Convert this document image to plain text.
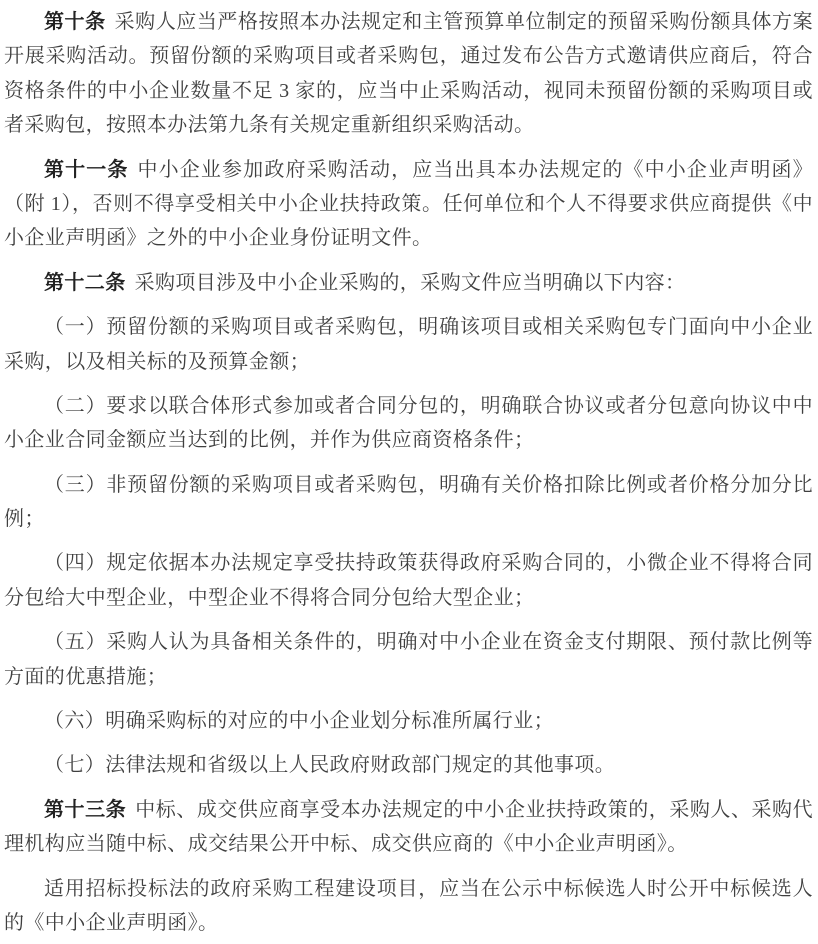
第十条 采购人应当严格按照本办法规定和主管预算单位制定的预留采购份额具体方案开展采购活动。预留份额的采购项目或者采购包，通过发布公告方式邀请供应商后，符合资格条件的中小企业数量不足 3 家的，应当中止采购活动，视同未预留份额的采购项目或者采购包，按照本办法第九条有关规定重新组织采购活动。

第十一条 中小企业参加政府采购活动，应当出具本办法规定的《中小企业声明函》（附 1），否则不得享受相关中小企业扶持政策。任何单位和个人不得要求供应商提供《中小企业声明函》之外的中小企业身份证明文件。

第十二条 采购项目涉及中小企业采购的，采购文件应当明确以下内容：

（一）预留份额的采购项目或者采购包，明确该项目或相关采购包专门面向中小企业采购，以及相关标的及预算金额；

（二）要求以联合体形式参加或者合同分包的，明确联合协议或者分包意向协议中中小企业合同金额应当达到的比例，并作为供应商资格条件；

（三）非预留份额的采购项目或者采购包，明确有关价格扣除比例或者价格分加分比例；

（四）规定依据本办法规定享受扶持政策获得政府采购合同的，小微企业不得将合同分包给大中型企业，中型企业不得将合同分包给大型企业；

（五）采购人认为具备相关条件的，明确对中小企业在资金支付期限、预付款比例等方面的优惠措施；

（六）明确采购标的对应的中小企业划分标准所属行业；

（七）法律法规和省级以上人民政府财政部门规定的其他事项。

第十三条 中标、成交供应商享受本办法规定的中小企业扶持政策的，采购人、采购代理机构应当随中标、成交结果公开中标、成交供应商的《中小企业声明函》。

适用招标投标法的政府采购工程建设项目，应当在公示中标候选人时公开中标候选人的《中小企业声明函》。
